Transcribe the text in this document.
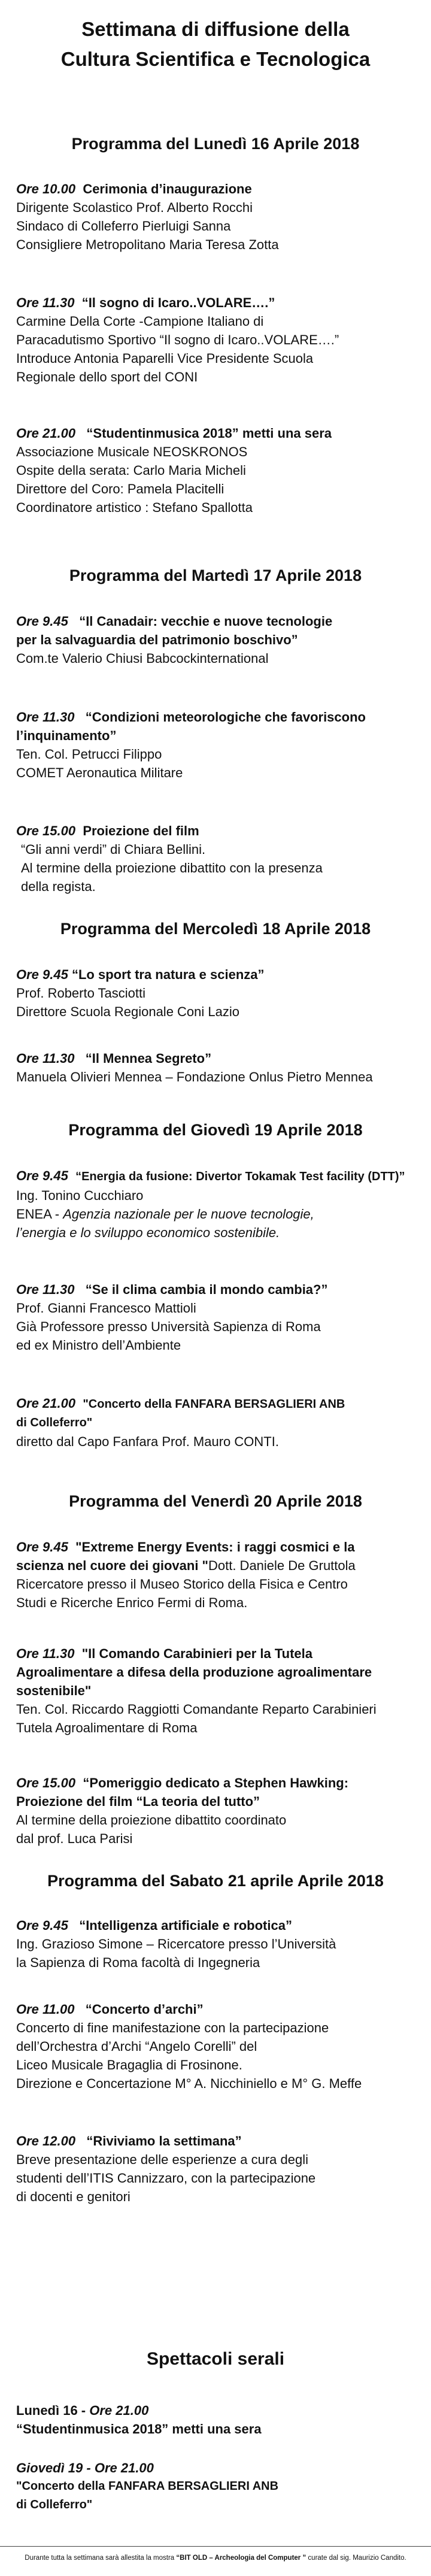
Settimana di diffusione della
Cultura Scientifica e Tecnologica
Programma del Lunedì 16 Aprile 2018
Ore 10.00 Cerimonia d’inaugurazione
Dirigente Scolastico Prof. Alberto Rocchi
Sindaco di Colleferro Pierluigi Sanna
Consigliere Metropolitano Maria Teresa Zotta
Ore 11.30 “Il sogno di Icaro..VOLARE….”
Carmine Della Corte -Campione Italiano di
Paracadutismo Sportivo “Il sogno di Icaro..VOLARE….”
Introduce Antonia Paparelli Vice Presidente Scuola
Regionale dello sport del CONI
Ore 21.00 “Studentinmusica 2018” metti una sera
Associazione Musicale NEOSKRONOS
Ospite della serata: Carlo Maria Micheli
Direttore del Coro: Pamela Placitelli
Coordinatore artistico : Stefano Spallotta
Programma del Martedì 17 Aprile 2018
Ore 9.45 “Il Canadair: vecchie e nuove tecnologie
per la salvaguardia del patrimonio boschivo”
Com.te Valerio Chiusi Babcockinternational
Ore 11.30 “Condizioni meteorologiche che favoriscono
l’inquinamento”
Ten. Col. Petrucci Filippo
COMET Aeronautica Militare
Ore 15.00 Proiezione del film
“Gli anni verdi” di Chiara Bellini.
Al termine della proiezione dibattito con la presenza
della regista.
Programma del Mercoledì 18 Aprile 2018
Ore 9.45 “Lo sport tra natura e scienza”
Prof. Roberto Tasciotti
Direttore Scuola Regionale Coni Lazio
Ore 11.30 “Il Mennea Segreto”
Manuela Olivieri Mennea – Fondazione Onlus Pietro Mennea
Programma del Giovedì 19 Aprile 2018
Ore 9.45 “Energia da fusione: Divertor Tokamak Test facility (DTT)”
Ing. Tonino Cucchiaro
ENEA - Agenzia nazionale per le nuove tecnologie,
l’energia e lo sviluppo economico sostenibile.
Ore 11.30 “Se il clima cambia il mondo cambia?”
Prof. Gianni Francesco Mattioli
Già Professore presso Università Sapienza di Roma
ed ex Ministro dell’Ambiente
Ore 21.00 "Concerto della FANFARA BERSAGLIERI ANB
di Colleferro"
diretto dal Capo Fanfara Prof. Mauro CONTI.
Programma del Venerdì 20 Aprile 2018
Ore 9.45 "Extreme Energy Events: i raggi cosmici e la
scienza nel cuore dei giovani "Dott. Daniele De Gruttola
Ricercatore presso il Museo Storico della Fisica e Centro
Studi e Ricerche Enrico Fermi di Roma.
Ore 11.30 "Il Comando Carabinieri per la Tutela
Agroalimentare a difesa della produzione agroalimentare
sostenibile"
Ten. Col. Riccardo Raggiotti Comandante Reparto Carabinieri
Tutela Agroalimentare di Roma
Ore 15.00 “Pomeriggio dedicato a Stephen Hawking:
Proiezione del film “La teoria del tutto”
Al termine della proiezione dibattito coordinato
dal prof. Luca Parisi
Programma del Sabato 21 aprile Aprile 2018
Ore 9.45 “Intelligenza artificiale e robotica”
Ing. Grazioso Simone – Ricercatore presso l’Università
la Sapienza di Roma facoltà di Ingegneria
Ore 11.00 “Concerto d’archi”
Concerto di fine manifestazione con la partecipazione
dell’Orchestra d’Archi “Angelo Corelli” del
Liceo Musicale Bragaglia di Frosinone.
Direzione e Concertazione M° A. Nicchiniello e M° G. Meffe
Ore 12.00 “Riviviamo la settimana”
Breve presentazione delle esperienze a cura degli
studenti dell’ITIS Cannizzaro, con la partecipazione
di docenti e genitori
Spettacoli serali
Lunedì 16 - Ore 21.00
“Studentinmusica 2018” metti una sera
Giovedì 19 - Ore 21.00
"Concerto della FANFARA BERSAGLIERI ANB
di Colleferro"
Durante tutta la settimana sarà allestita la mostra “BIT OLD – Archeologia del Computer ” curate dal sig. Maurizio Candito.
